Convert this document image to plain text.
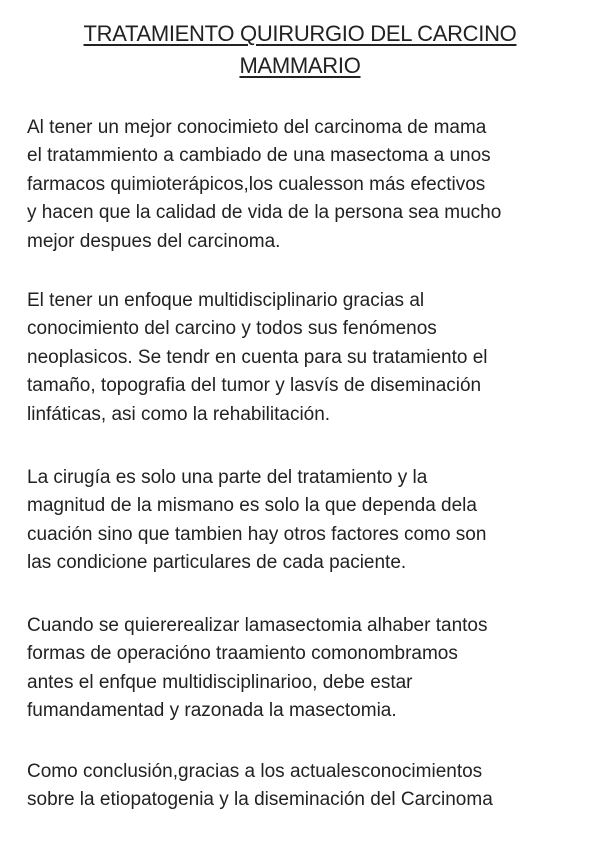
TRATAMIENTO QUIRURGIO DEL CARCINO
MAMMARIO

Al tener un mejor conocimieto del carcinoma de mama
el tratammiento a cambiado de una masectoma a unos
farmacos quimioterápicos,los cualesson más efectivos
y hacen que la calidad de vida de la persona sea mucho
mejor despues del carcinoma.

El tener un enfoque multidisciplinario gracias al
conocimiento del carcino y todos sus fenómenos
neoplasicos. Se tendr en cuenta para su tratamiento el
tamaño, topografia del tumor y lasvís de diseminación
linfáticas, asi como la rehabilitación.

La cirugía es solo una parte del tratamiento y la
magnitud de la mismano es solo la que dependa dela
cuación sino que tambien hay otros factores como son
las condicione particulares de cada paciente.

Cuando se quiererealizar lamasectomia alhaber tantos
formas de operacióno traamiento comonombramos
antes el enfque multidisciplinarioo, debe estar
fumandamentad y razonada la masectomia.

Como conclusión,gracias a los actualesconocimientos
sobre la etiopatogenia y la diseminación del Carcinoma
